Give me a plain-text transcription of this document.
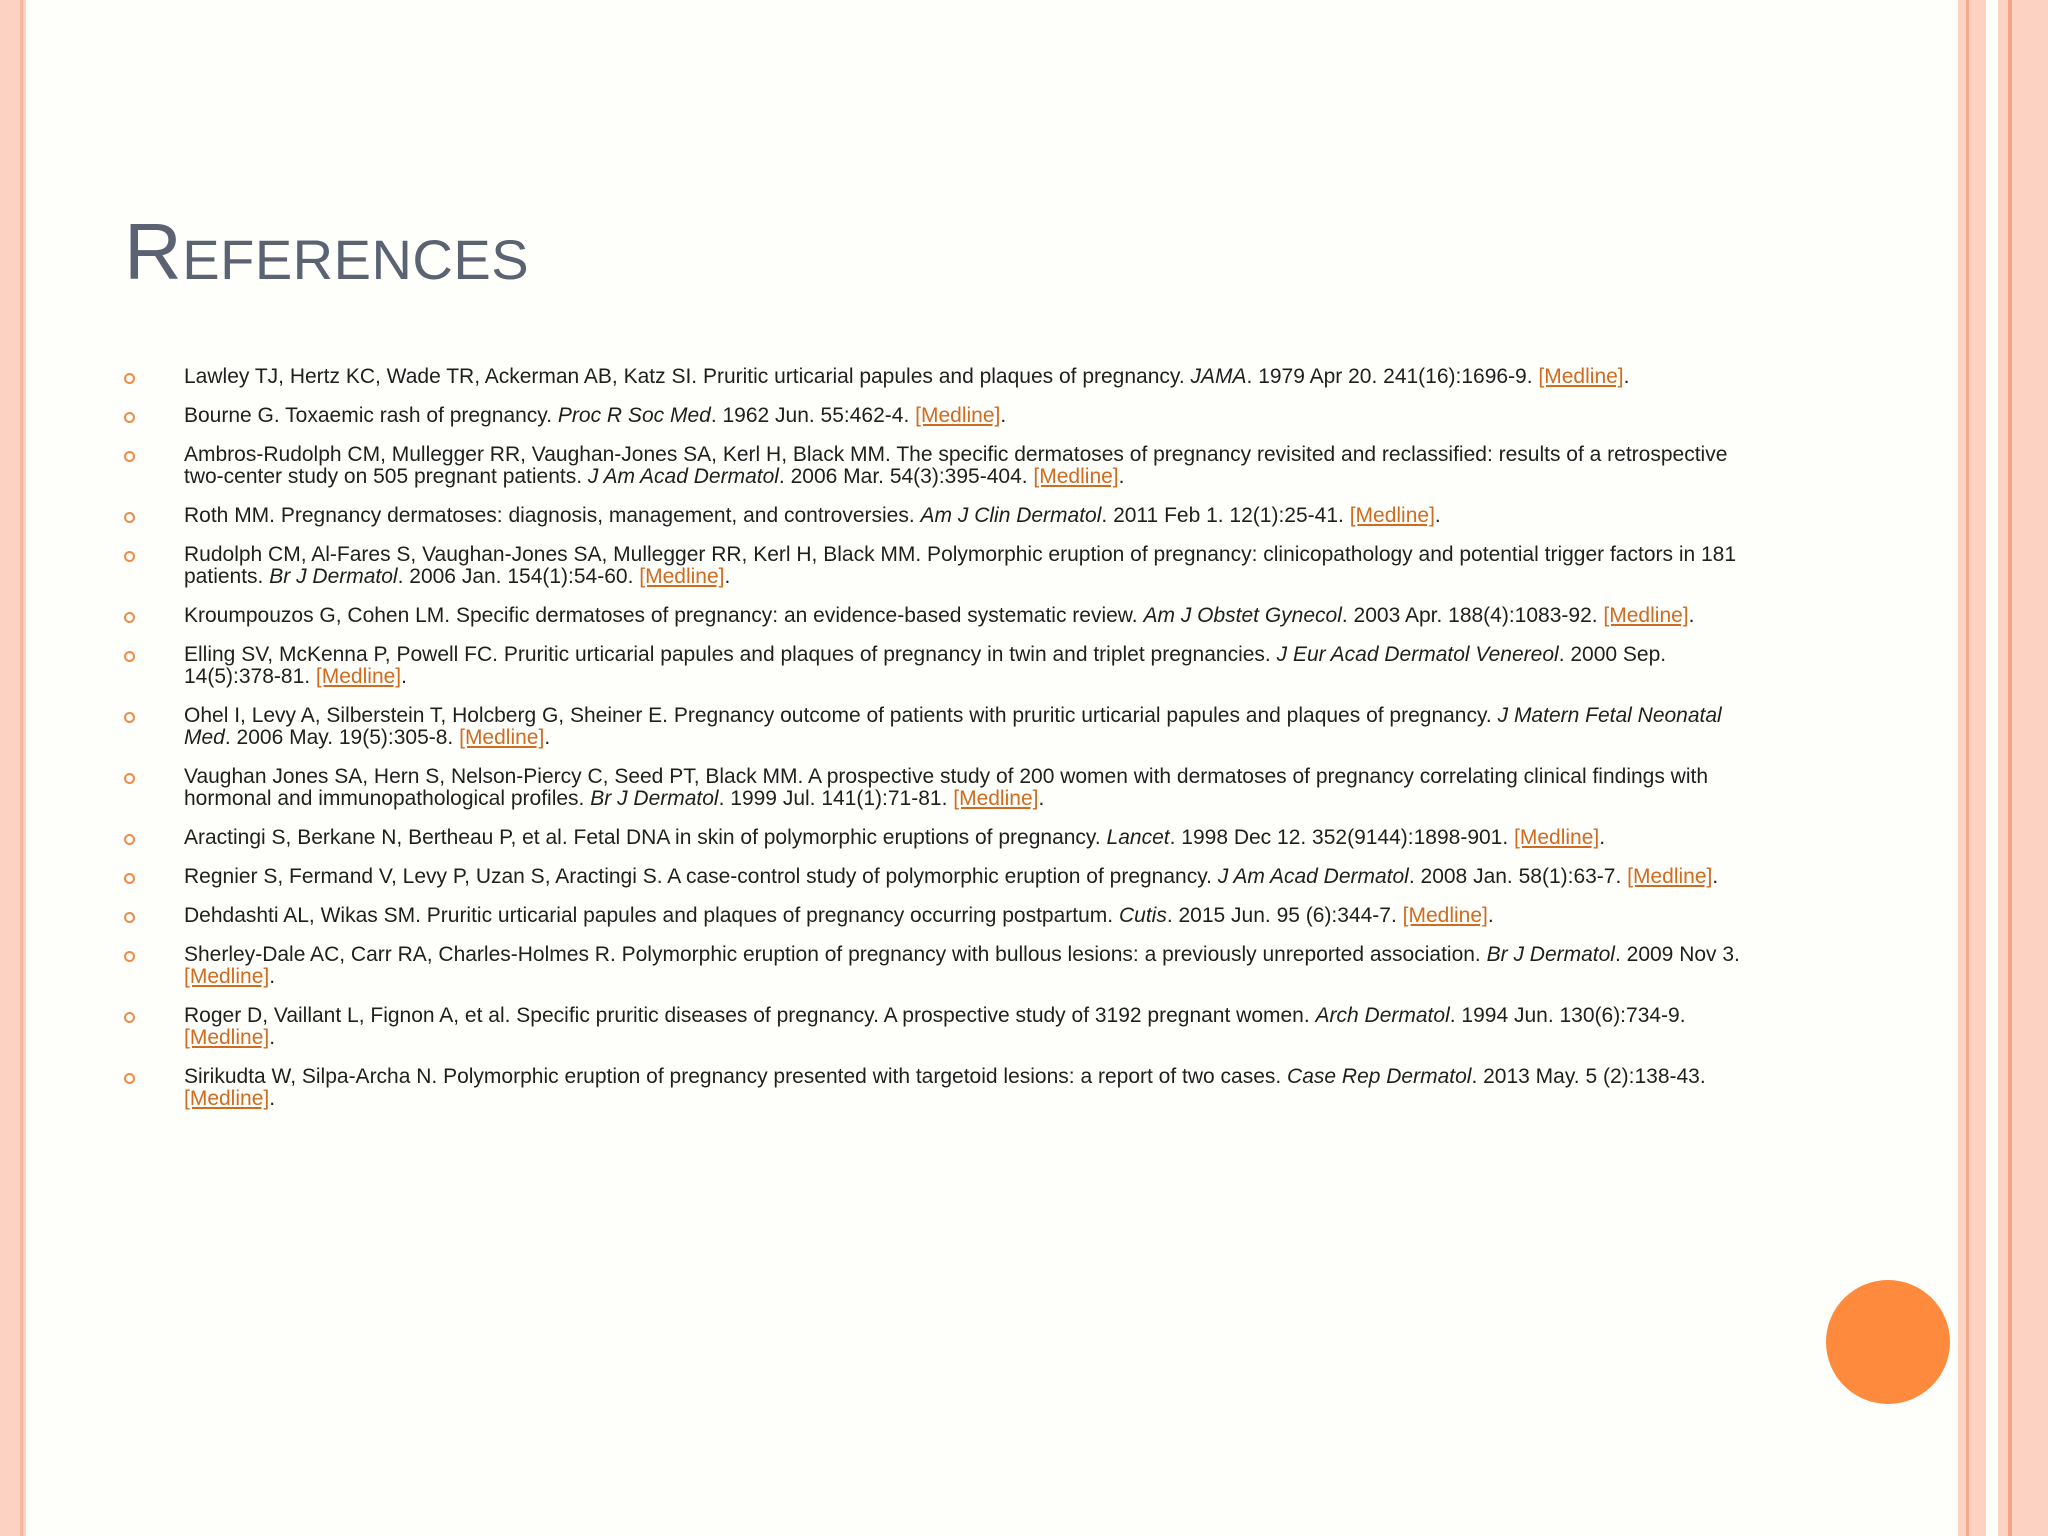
References
Lawley TJ, Hertz KC, Wade TR, Ackerman AB, Katz SI. Pruritic urticarial papules and plaques of pregnancy. JAMA. 1979 Apr 20. 241(16):1696-9. [Medline].
Bourne G. Toxaemic rash of pregnancy. Proc R Soc Med. 1962 Jun. 55:462-4. [Medline].
Ambros-Rudolph CM, Mullegger RR, Vaughan-Jones SA, Kerl H, Black MM. The specific dermatoses of pregnancy revisited and reclassified: results of a retrospective two-center study on 505 pregnant patients. J Am Acad Dermatol. 2006 Mar. 54(3):395-404. [Medline].
Roth MM. Pregnancy dermatoses: diagnosis, management, and controversies. Am J Clin Dermatol. 2011 Feb 1. 12(1):25-41. [Medline].
Rudolph CM, Al-Fares S, Vaughan-Jones SA, Mullegger RR, Kerl H, Black MM. Polymorphic eruption of pregnancy: clinicopathology and potential trigger factors in 181 patients. Br J Dermatol. 2006 Jan. 154(1):54-60. [Medline].
Kroumpouzos G, Cohen LM. Specific dermatoses of pregnancy: an evidence-based systematic review. Am J Obstet Gynecol. 2003 Apr. 188(4):1083-92. [Medline].
Elling SV, McKenna P, Powell FC. Pruritic urticarial papules and plaques of pregnancy in twin and triplet pregnancies. J Eur Acad Dermatol Venereol. 2000 Sep. 14(5):378-81. [Medline].
Ohel I, Levy A, Silberstein T, Holcberg G, Sheiner E. Pregnancy outcome of patients with pruritic urticarial papules and plaques of pregnancy. J Matern Fetal Neonatal Med. 2006 May. 19(5):305-8. [Medline].
Vaughan Jones SA, Hern S, Nelson-Piercy C, Seed PT, Black MM. A prospective study of 200 women with dermatoses of pregnancy correlating clinical findings with hormonal and immunopathological profiles. Br J Dermatol. 1999 Jul. 141(1):71-81. [Medline].
Aractingi S, Berkane N, Bertheau P, et al. Fetal DNA in skin of polymorphic eruptions of pregnancy. Lancet. 1998 Dec 12. 352(9144):1898-901. [Medline].
Regnier S, Fermand V, Levy P, Uzan S, Aractingi S. A case-control study of polymorphic eruption of pregnancy. J Am Acad Dermatol. 2008 Jan. 58(1):63-7. [Medline].
Dehdashti AL, Wikas SM. Pruritic urticarial papules and plaques of pregnancy occurring postpartum. Cutis. 2015 Jun. 95 (6):344-7. [Medline].
Sherley-Dale AC, Carr RA, Charles-Holmes R. Polymorphic eruption of pregnancy with bullous lesions: a previously unreported association. Br J Dermatol. 2009 Nov 3. [Medline].
Roger D, Vaillant L, Fignon A, et al. Specific pruritic diseases of pregnancy. A prospective study of 3192 pregnant women. Arch Dermatol. 1994 Jun. 130(6):734-9. [Medline].
Sirikudta W, Silpa-Archa N. Polymorphic eruption of pregnancy presented with targetoid lesions: a report of two cases. Case Rep Dermatol. 2013 May. 5 (2):138-43. [Medline].
